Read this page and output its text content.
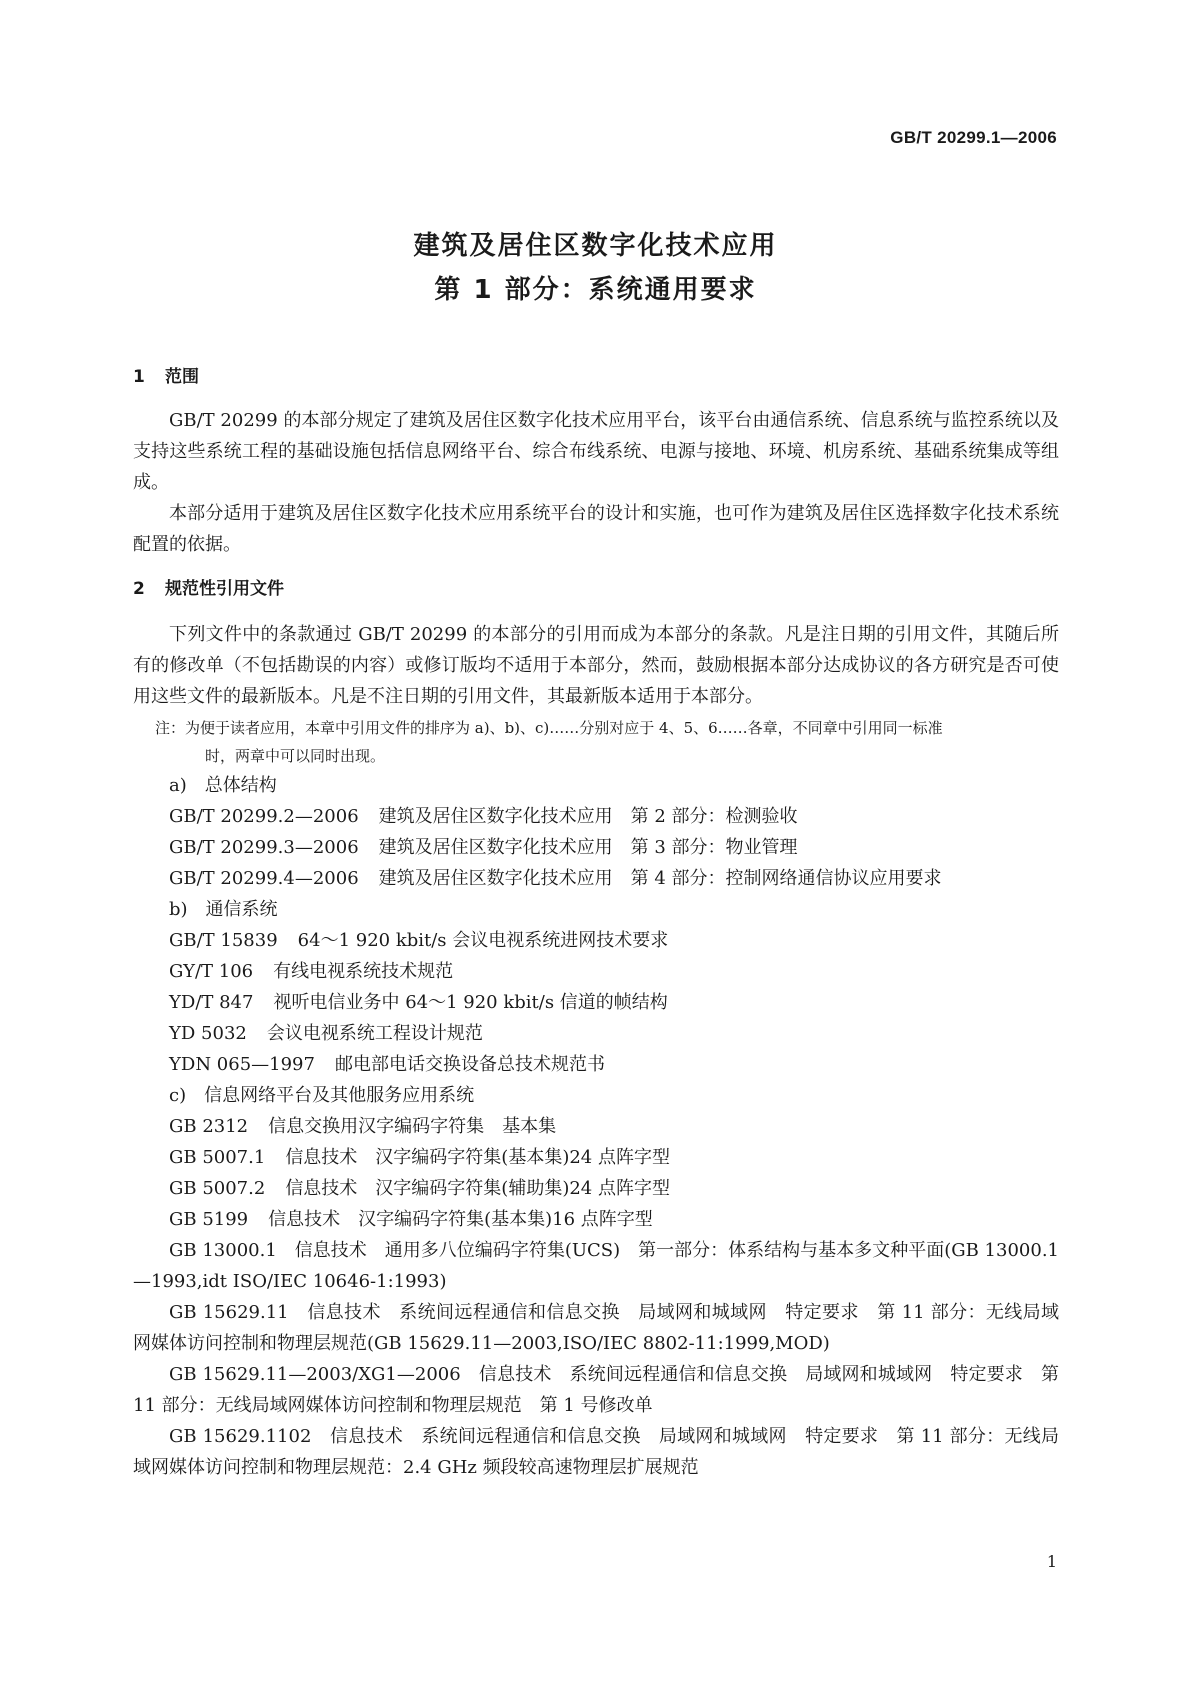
GB/T 20299.1—2006
建筑及居住区数字化技术应用
第 1 部分：系统通用要求
1 范围
GB/T 20299 的本部分规定了建筑及居住区数字化技术应用平台，该平台由通信系统、信息系统与监控系统以及支持这些系统工程的基础设施包括信息网络平台、综合布线系统、电源与接地、环境、机房系统、基础系统集成等组成。
本部分适用于建筑及居住区数字化技术应用系统平台的设计和实施，也可作为建筑及居住区选择数字化技术系统配置的依据。
2 规范性引用文件
下列文件中的条款通过 GB/T 20299 的本部分的引用而成为本部分的条款。凡是注日期的引用文件，其随后所有的修改单（不包括勘误的内容）或修订版均不适用于本部分，然而，鼓励根据本部分达成协议的各方研究是否可使用这些文件的最新版本。凡是不注日期的引用文件，其最新版本适用于本部分。
注：为便于读者应用，本章中引用文件的排序为 a)、b)、c)……分别对应于 4、5、6……各章，不同章中引用同一标准
时，两章中可以同时出现。
a)　总体结构
GB/T 20299.2—2006 建筑及居住区数字化技术应用　第 2 部分：检测验收
GB/T 20299.3—2006 建筑及居住区数字化技术应用　第 3 部分：物业管理
GB/T 20299.4—2006 建筑及居住区数字化技术应用　第 4 部分：控制网络通信协议应用要求
b)　通信系统
GB/T 15839 64～1 920 kbit/s 会议电视系统进网技术要求
GY/T 106 有线电视系统技术规范
YD/T 847 视听电信业务中 64～1 920 kbit/s 信道的帧结构
YD 5032 会议电视系统工程设计规范
YDN 065—1997 邮电部电话交换设备总技术规范书
c)　信息网络平台及其他服务应用系统
GB 2312 信息交换用汉字编码字符集　基本集
GB 5007.1 信息技术　汉字编码字符集(基本集)24 点阵字型
GB 5007.2 信息技术　汉字编码字符集(辅助集)24 点阵字型
GB 5199 信息技术　汉字编码字符集(基本集)16 点阵字型
GB 13000.1　信息技术　通用多八位编码字符集(UCS)　第一部分：体系结构与基本多文种平面(GB 13000.1—1993,idt ISO/IEC 10646-1:1993)
GB 15629.11　信息技术　系统间远程通信和信息交换　局域网和城域网　特定要求　第 11 部分：无线局域网媒体访问控制和物理层规范(GB 15629.11—2003,ISO/IEC 8802-11:1999,MOD)
GB 15629.11—2003/XG1—2006　信息技术　系统间远程通信和信息交换　局域网和城域网　特定要求　第 11 部分：无线局域网媒体访问控制和物理层规范　第 1 号修改单
GB 15629.1102　信息技术　系统间远程通信和信息交换　局域网和城域网　特定要求　第 11 部分：无线局域网媒体访问控制和物理层规范：2.4 GHz 频段较高速物理层扩展规范
1
